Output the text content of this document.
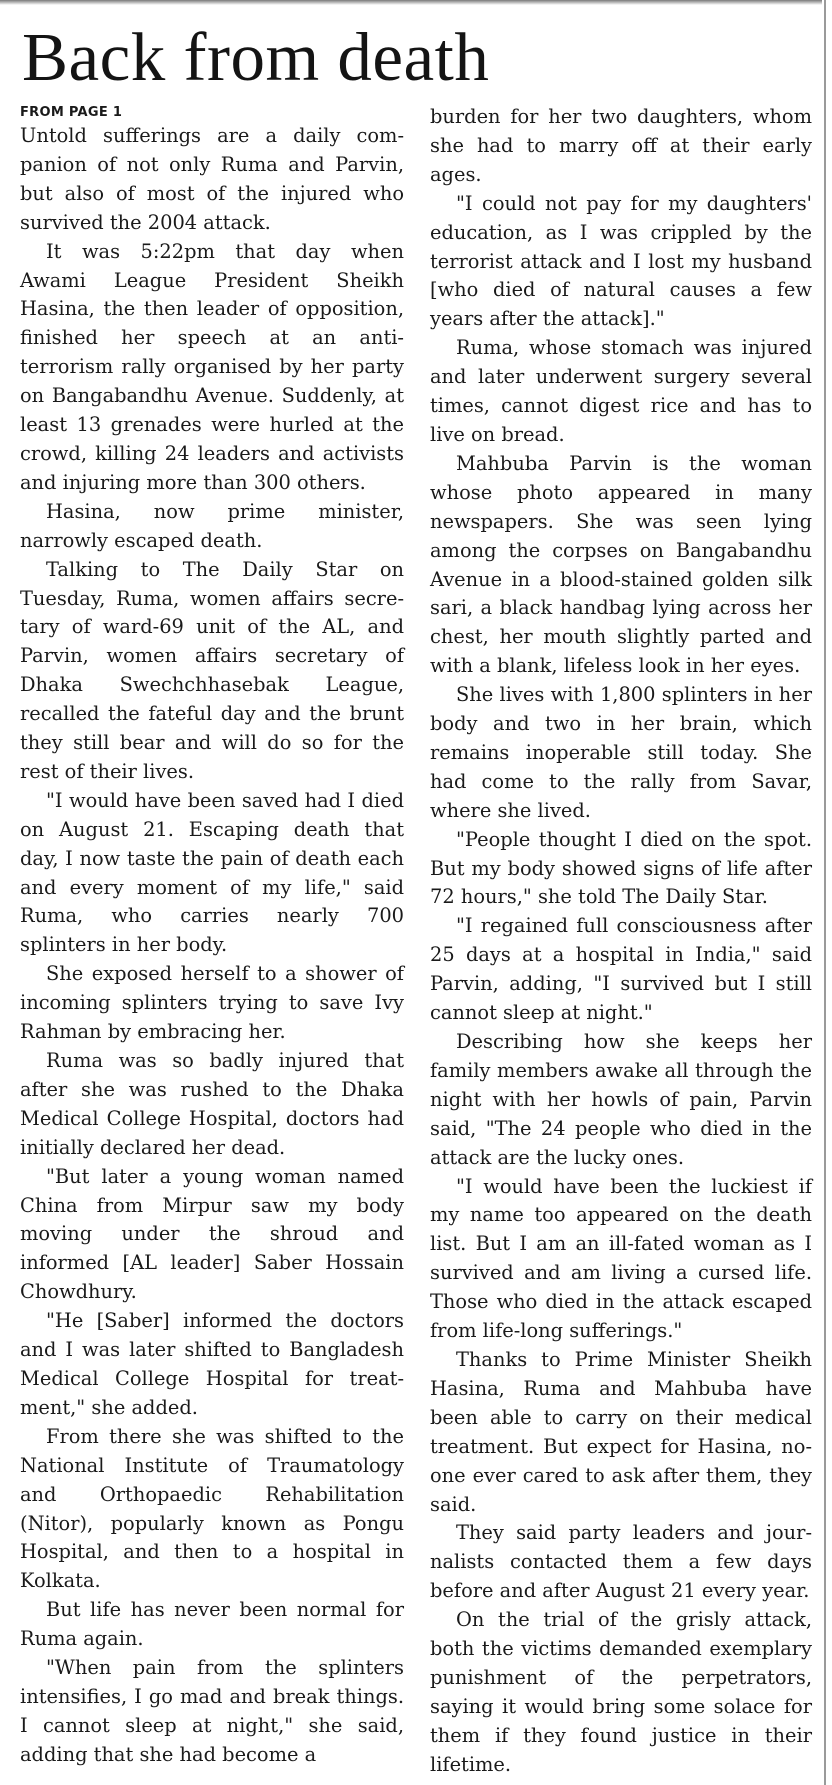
Back from death

FROM PAGE 1

Untold sufferings are a daily companion of not only Ruma and Parvin, but also of most of the injured who survived the 2004 attack.

It was 5:22pm that day when Awami League President Sheikh Hasina, the then leader of opposition, finished her speech at an anti-terrorism rally organised by her party on Bangabandhu Avenue. Suddenly, at least 13 grenades were hurled at the crowd, killing 24 leaders and activists and injuring more than 300 others.

Hasina, now prime minister, narrowly escaped death.

Talking to The Daily Star on Tuesday, Ruma, women affairs secretary of ward-69 unit of the AL, and Parvin, women affairs secretary of Dhaka Swechchhasebak League, recalled the fateful day and the brunt they still bear and will do so for the rest of their lives.

"I would have been saved had I died on August 21. Escaping death that day, I now taste the pain of death each and every moment of my life," said Ruma, who carries nearly 700 splinters in her body.

She exposed herself to a shower of incoming splinters trying to save Ivy Rahman by embracing her.

Ruma was so badly injured that after she was rushed to the Dhaka Medical College Hospital, doctors had initially declared her dead.

"But later a young woman named China from Mirpur saw my body moving under the shroud and informed [AL leader] Saber Hossain Chowdhury.

"He [Saber] informed the doctors and I was later shifted to Bangladesh Medical College Hospital for treatment," she added.

From there she was shifted to the National Institute of Traumatology and Orthopaedic Rehabilitation (Nitor), popularly known as Pongu Hospital, and then to a hospital in Kolkata.

But life has never been normal for Ruma again.

"When pain from the splinters intensifies, I go mad and break things. I cannot sleep at night," she said, adding that she had become a

burden for her two daughters, whom she had to marry off at their early ages.

"I could not pay for my daughters' education, as I was crippled by the terrorist attack and I lost my husband [who died of natural causes a few years after the attack]."

Ruma, whose stomach was injured and later underwent surgery several times, cannot digest rice and has to live on bread.

Mahbuba Parvin is the woman whose photo appeared in many newspapers. She was seen lying among the corpses on Bangabandhu Avenue in a blood-stained golden silk sari, a black handbag lying across her chest, her mouth slightly parted and with a blank, lifeless look in her eyes.

She lives with 1,800 splinters in her body and two in her brain, which remains inoperable still today. She had come to the rally from Savar, where she lived.

"People thought I died on the spot. But my body showed signs of life after 72 hours," she told The Daily Star.

"I regained full consciousness after 25 days at a hospital in India," said Parvin, adding, "I survived but I still cannot sleep at night."

Describing how she keeps her family members awake all through the night with her howls of pain, Parvin said, "The 24 people who died in the attack are the lucky ones.

"I would have been the luckiest if my name too appeared on the death list. But I am an ill-fated woman as I survived and am living a cursed life. Those who died in the attack escaped from life-long sufferings."

Thanks to Prime Minister Sheikh Hasina, Ruma and Mahbuba have been able to carry on their medical treatment. But expect for Hasina, no-one ever cared to ask after them, they said.

They said party leaders and journalists contacted them a few days before and after August 21 every year.

On the trial of the grisly attack, both the victims demanded exemplary punishment of the perpetrators, saying it would bring some solace for them if they found justice in their lifetime.
